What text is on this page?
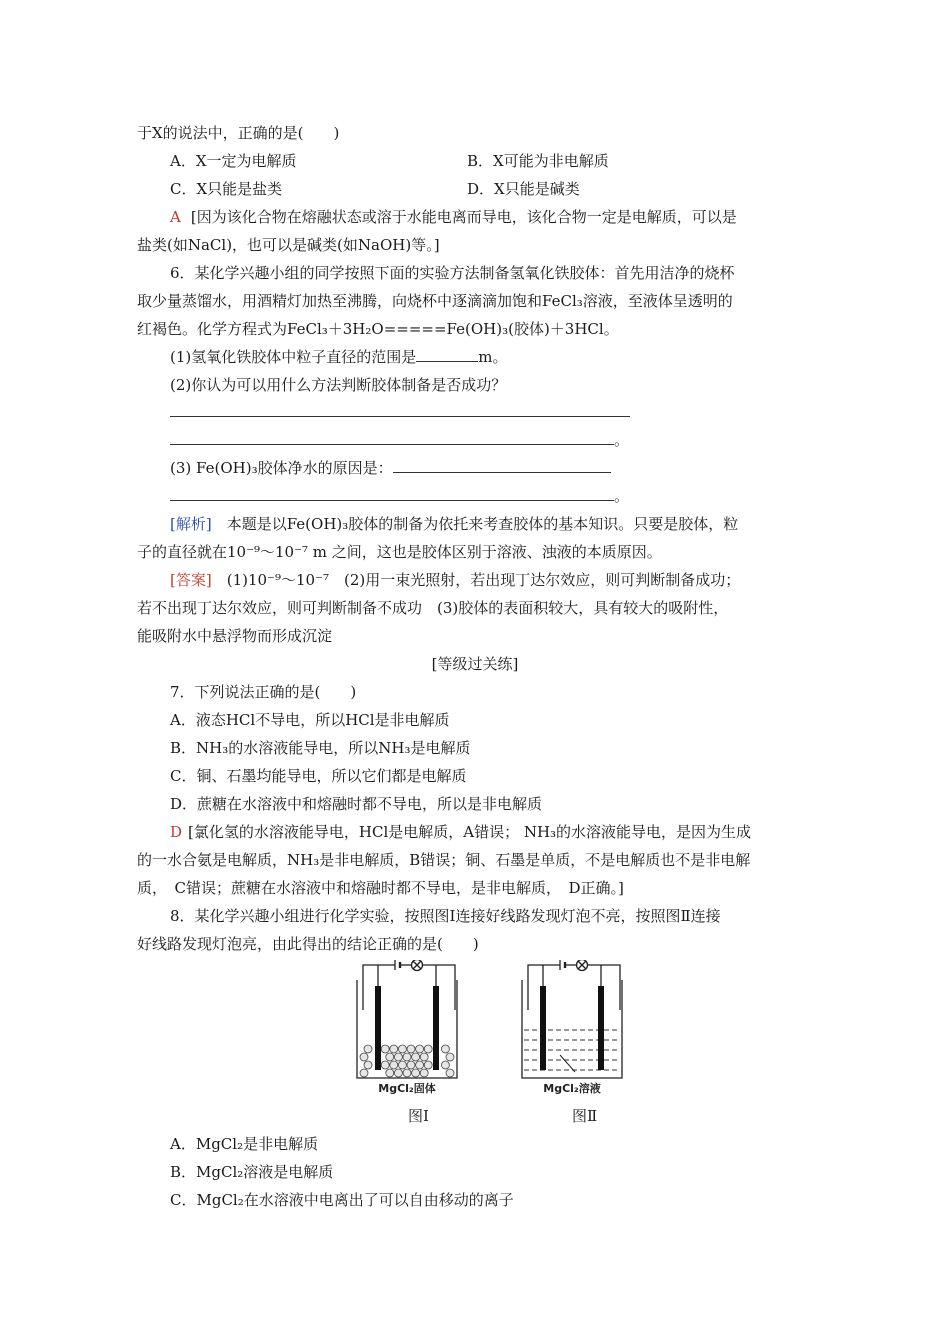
于X的说法中，正确的是(　　)
A．X一定为电解质	B．X可能为非电解质
C．X只能是盐类	D．X只能是碱类
A [因为该化合物在熔融状态或溶于水能电离而导电，该化合物一定是电解质，可以是
盐类(如NaCl)，也可以是碱类(如NaOH)等。]
6．某化学兴趣小组的同学按照下面的实验方法制备氢氧化铁胶体：首先用洁净的烧杯
取少量蒸馏水，用酒精灯加热至沸腾，向烧杯中逐滴滴加饱和FeCl₃溶液，至液体呈透明的
红褐色。化学方程式为FeCl₃＋3H₂O=====Fe(OH)₃(胶体)＋3HCl。
(1)氢氧化铁胶体中粒子直径的范围是	m。
(2)你认为可以用什么方法判断胶体制备是否成功？
。
(3) Fe(OH)₃胶体净水的原因是：
。
[解析]　本题是以Fe(OH)₃胶体的制备为依托来考查胶体的基本知识。只要是胶体，粒
子的直径就在10⁻⁹～10⁻⁷ m 之间，这也是胶体区别于溶液、浊液的本质原因。
[答案]　(1)10⁻⁹～10⁻⁷　(2)用一束光照射，若出现丁达尔效应，则可判断制备成功；
若不出现丁达尔效应，则可判断制备不成功　(3)胶体的表面积较大，具有较大的吸附性，
能吸附水中悬浮物而形成沉淀
[等级过关练]
7．下列说法正确的是(　　)
A．液态HCl不导电，所以HCl是非电解质
B．NH₃的水溶液能导电，所以NH₃是电解质
C．铜、石墨均能导电，所以它们都是电解质
D．蔗糖在水溶液中和熔融时都不导电，所以是非电解质
D [氯化氢的水溶液能导电，HCl是电解质，A错误； NH₃的水溶液能导电，是因为生成
的一水合氨是电解质，NH₃是非电解质，B错误；铜、石墨是单质，不是电解质也不是非电解
质，　C错误；蔗糖在水溶液中和熔融时都不导电，是非电解质，　D正确。]
8．某化学兴趣小组进行化学实验，按照图Ⅰ连接好线路发现灯泡不亮，按照图Ⅱ连接
好线路发现灯泡亮，由此得出的结论正确的是(　　)
MgCl₂固体	MgCl₂溶液
图Ⅰ	图Ⅱ
A．MgCl₂是非电解质
B．MgCl₂溶液是电解质
C．MgCl₂在水溶液中电离出了可以自由移动的离子
